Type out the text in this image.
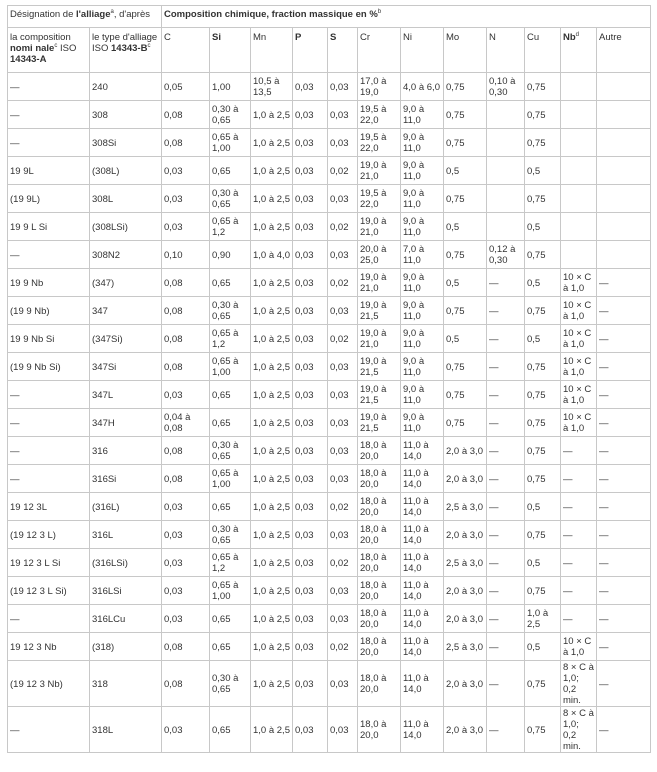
Désignation de l'alliage$^a$, d'après		Composition chimique, fraction massique en %$^b$
la composition
nomi nale$^c$ ISO
14343-A	le type d'alliage
ISO $14343-B^c$	C	Si	Mn	P	S	Cr	Ni	Mo	N	Cu	Nb$^d$	Autre
—	240	0,05	1,00	10,5 à 13,5	0,03	0,03	17,0 à 19,0	4,0 à 6,0	0,75	0,10 à 0,30	0,75		
—	308	0,08	0,30 à 0,65	1,0 à 2,5	0,03	0,03	19,5 à 22,0	9,0 à 11,0	0,75		0,75		
—	308Si	0,08	0,65 à 1,00	1,0 à 2,5	0,03	0,03	19,5 à 22,0	9,0 à 11,0	0,75		0,75		
19 9L	(308L)	0,03	0,65	1,0 à 2,5	0,03	0,02	19,0 à 21,0	9,0 à 11,0	0,5		0,5		
(19 9L)	308L	0,03	0,30 à 0,65	1,0 à 2,5	0,03	0,03	19,5 à 22,0	9,0 à 11,0	0,75		0,75		
19 9 L Si	(308LSi)	0,03	0,65 à 1,2	1,0 à 2,5	0,03	0,02	19,0 à 21,0	9,0 à 11,0	0,5		0,5		
—	308N2	0,10	0,90	1,0 à 4,0	0,03	0,03	20,0 à 25,0	7,0 à 11,0	0,75	0,12 à 0,30	0,75		
19 9 Nb	(347)	0,08	0,65	1,0 à 2,5	0,03	0,02	19,0 à 21,0	9,0 à 11,0	0,5	—	0,5	10 × C à 1,0	—
(19 9 Nb)	347	0,08	0,30 à 0,65	1,0 à 2,5	0,03	0,03	19,0 à 21,5	9,0 à 11,0	0,75	—	0,75	10 × C à 1,0	—
19 9 Nb Si	(347Si)	0,08	0,65 à 1,2	1,0 à 2,5	0,03	0,02	19,0 à 21,0	9,0 à 11,0	0,5	—	0,5	10 × C à 1,0	—
(19 9 Nb Si)	347Si	0,08	0,65 à 1,00	1,0 à 2,5	0,03	0,03	19,0 à 21,5	9,0 à 11,0	0,75	—	0,75	10 × C à 1,0	—
—	347L	0,03	0,65	1,0 à 2,5	0,03	0,03	19,0 à 21,5	9,0 à 11,0	0,75	—	0,75	10 × C à 1,0	—
—	347H	0,04 à 0,08	0,65	1,0 à 2,5	0,03	0,03	19,0 à 21,5	9,0 à 11,0	0,75	—	0,75	10 × C à 1,0	—
—	316	0,08	0,30 à 0,65	1,0 à 2,5	0,03	0,03	18,0 à 20,0	11,0 à 14,0	2,0 à 3,0	—	0,75	—	—
—	316Si	0,08	0,65 à 1,00	1,0 à 2,5	0,03	0,03	18,0 à 20,0	11,0 à 14,0	2,0 à 3,0	—	0,75	—	—
19 12 3L	(316L)	0,03	0,65	1,0 à 2,5	0,03	0,02	18,0 à 20,0	11,0 à 14,0	2,5 à 3,0	—	0,5	—	—
(19 12 3 L)	316L	0,03	0,30 à 0,65	1,0 à 2,5	0,03	0,03	18,0 à 20,0	11,0 à 14,0	2,0 à 3,0	—	0,75	—	—
19 12 3 L Si	(316LSi)	0,03	0,65 à 1,2	1,0 à 2,5	0,03	0,02	18,0 à 20,0	11,0 à 14,0	2,5 à 3,0	—	0,5	—	—
(19 12 3 L Si)	316LSi	0,03	0,65 à 1,00	1,0 à 2,5	0,03	0,03	18,0 à 20,0	11,0 à 14,0	2,0 à 3,0	—	0,75	—	—
—	316LCu	0,03	0,65	1,0 à 2,5	0,03	0,03	18,0 à 20,0	11,0 à 14,0	2,0 à 3,0	—	1,0 à 2,5	—	—
19 12 3 Nb	(318)	0,08	0,65	1,0 à 2,5	0,03	0,02	18,0 à 20,0	11,0 à 14,0	2,5 à 3,0	—	0,5	10 × C à 1,0	—
(19 12 3 Nb)	318	0,08	0,30 à 0,65	1,0 à 2,5	0,03	0,03	18,0 à 20,0	11,0 à 14,0	2,0 à 3,0	—	0,75	8 × C à 1,0; 0,2 min.	—
—	318L	0,03	0,65	1,0 à 2,5	0,03	0,03	18,0 à 20,0	11,0 à 14,0	2,0 à 3,0	—	0,75	8 × C à 1,0; 0,2 min.	—
